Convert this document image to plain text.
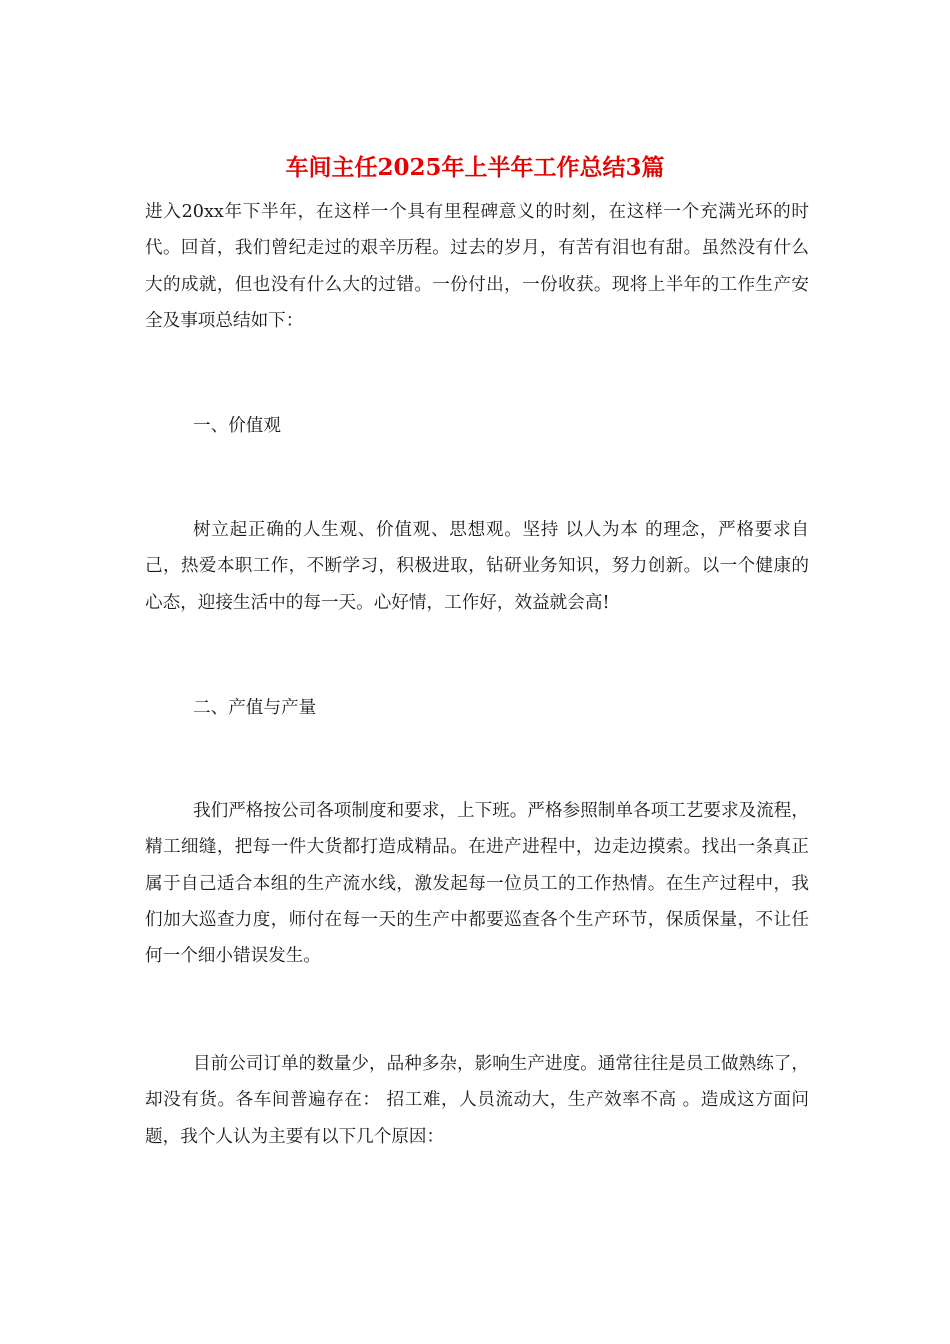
车间主任2025年上半年工作总结3篇

进入20xx年下半年，在这样一个具有里程碑意义的时刻，在这样一个充满光环的时代。回首，我们曾纪走过的艰辛历程。过去的岁月，有苦有泪也有甜。虽然没有什么大的成就，但也没有什么大的过错。一份付出，一份收获。现将上半年的工作生产安全及事项总结如下：

一、价值观

树立起正确的人生观、价值观、思想观。坚持 以人为本 的理念，严格要求自己，热爱本职工作，不断学习，积极进取，钻研业务知识，努力创新。以一个健康的心态，迎接生活中的每一天。心好情，工作好，效益就会高!

二、产值与产量

我们严格按公司各项制度和要求，上下班。严格参照制单各项工艺要求及流程，精工细缝，把每一件大货都打造成精品。在进产进程中，边走边摸索。找出一条真正属于自己适合本组的生产流水线，激发起每一位员工的工作热情。在生产过程中，我们加大巡查力度，师付在每一天的生产中都要巡查各个生产环节，保质保量，不让任何一个细小错误发生。

目前公司订单的数量少，品种多杂，影响生产进度。通常往往是员工做熟练了，却没有货。各车间普遍存在： 招工难，人员流动大，生产效率不高 。造成这方面问题，我个人认为主要有以下几个原因：
